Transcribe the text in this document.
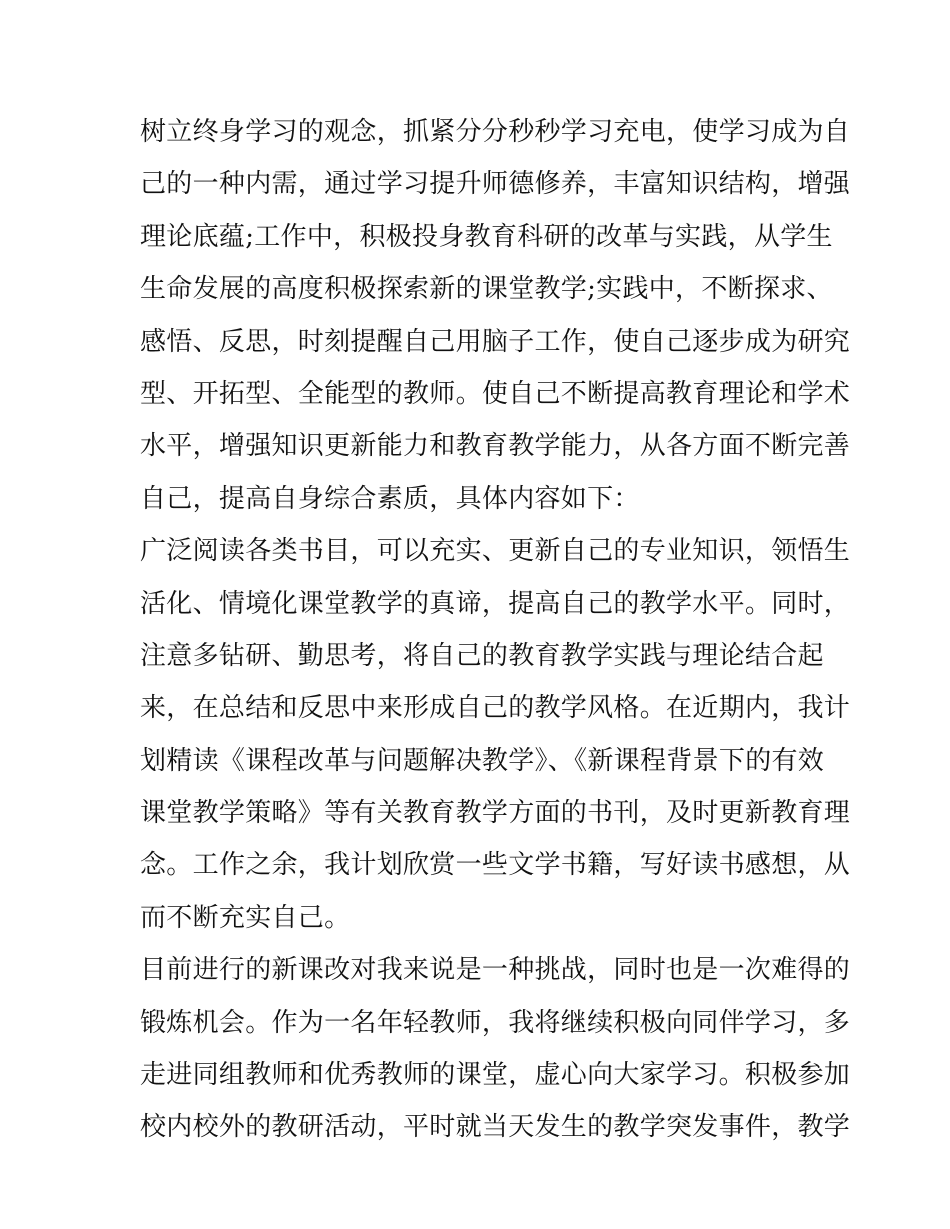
树立终身学习的观念，抓紧分分秒秒学习充电，使学习成为自
己的一种内需，通过学习提升师德修养，丰富知识结构，增强
理论底蕴;工作中，积极投身教育科研的改革与实践，从学生
生命发展的高度积极探索新的课堂教学;实践中，不断探求、
感悟、反思，时刻提醒自己用脑子工作，使自己逐步成为研究
型、开拓型、全能型的教师。使自己不断提高教育理论和学术
水平，增强知识更新能力和教育教学能力，从各方面不断完善
自己，提高自身综合素质，具体内容如下：
广泛阅读各类书目，可以充实、更新自己的专业知识，领悟生
活化、情境化课堂教学的真谛，提高自己的教学水平。同时，
注意多钻研、勤思考，将自己的教育教学实践与理论结合起
来，在总结和反思中来形成自己的教学风格。在近期内，我计
划精读《课程改革与问题解决教学》、《新课程背景下的有效
课堂教学策略》等有关教育教学方面的书刊，及时更新教育理
念。工作之余，我计划欣赏一些文学书籍，写好读书感想，从
而不断充实自己。
目前进行的新课改对我来说是一种挑战，同时也是一次难得的
锻炼机会。作为一名年轻教师，我将继续积极向同伴学习，多
走进同组教师和优秀教师的课堂，虚心向大家学习。积极参加
校内校外的教研活动，平时就当天发生的教学突发事件，教学
